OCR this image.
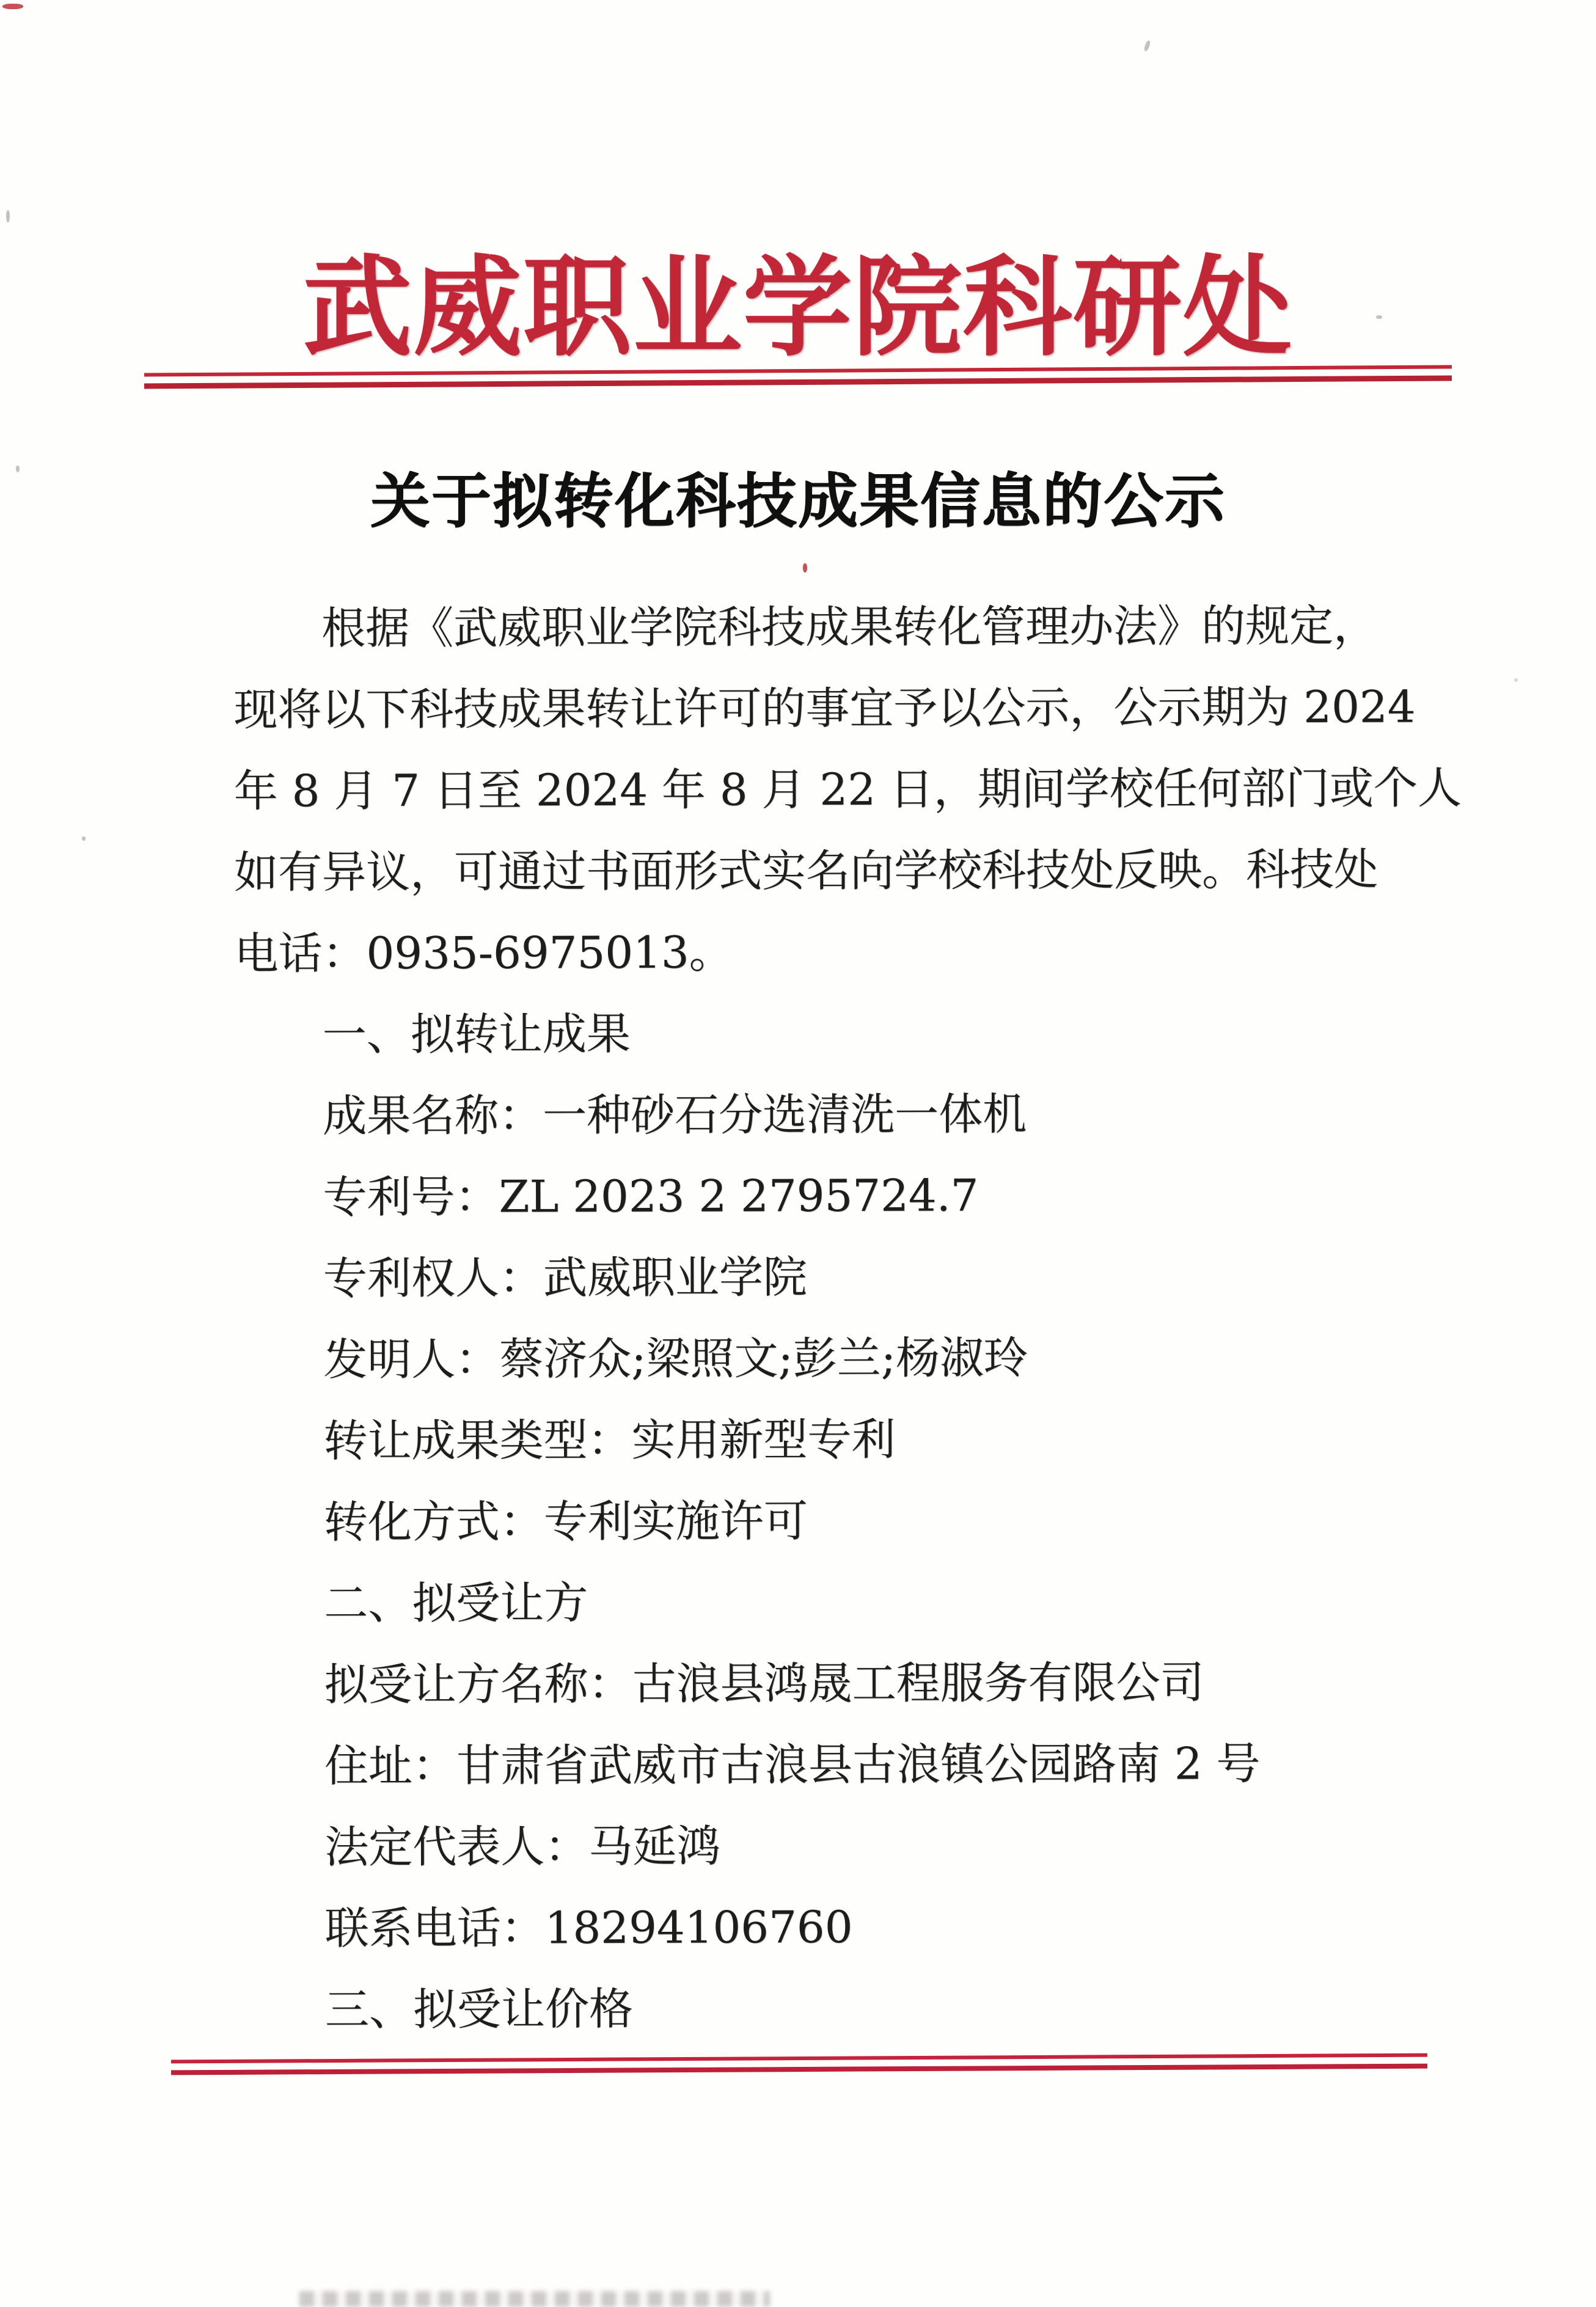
武威职业学院科研处
关于拟转化科技成果信息的公示
根据《武威职业学院科技成果转化管理办法》的规定，
现将以下科技成果转让许可的事宜予以公示，公示期为 2024
年 8 月 7 日至 2024 年 8 月 22 日，期间学校任何部门或个人
如有异议，可通过书面形式实名向学校科技处反映。科技处
电话：0935-6975013。
一、拟转让成果
成果名称：一种砂石分选清洗一体机
专利号：ZL 2023 2 2795724.7
专利权人：武威职业学院
发明人：蔡济众;梁照文;彭兰;杨淑玲
转让成果类型：实用新型专利
转化方式：专利实施许可
二、拟受让方
拟受让方名称：古浪县鸿晟工程服务有限公司
住址：甘肃省武威市古浪县古浪镇公园路南 2 号
法定代表人：马延鸿
联系电话：18294106760
三、拟受让价格
